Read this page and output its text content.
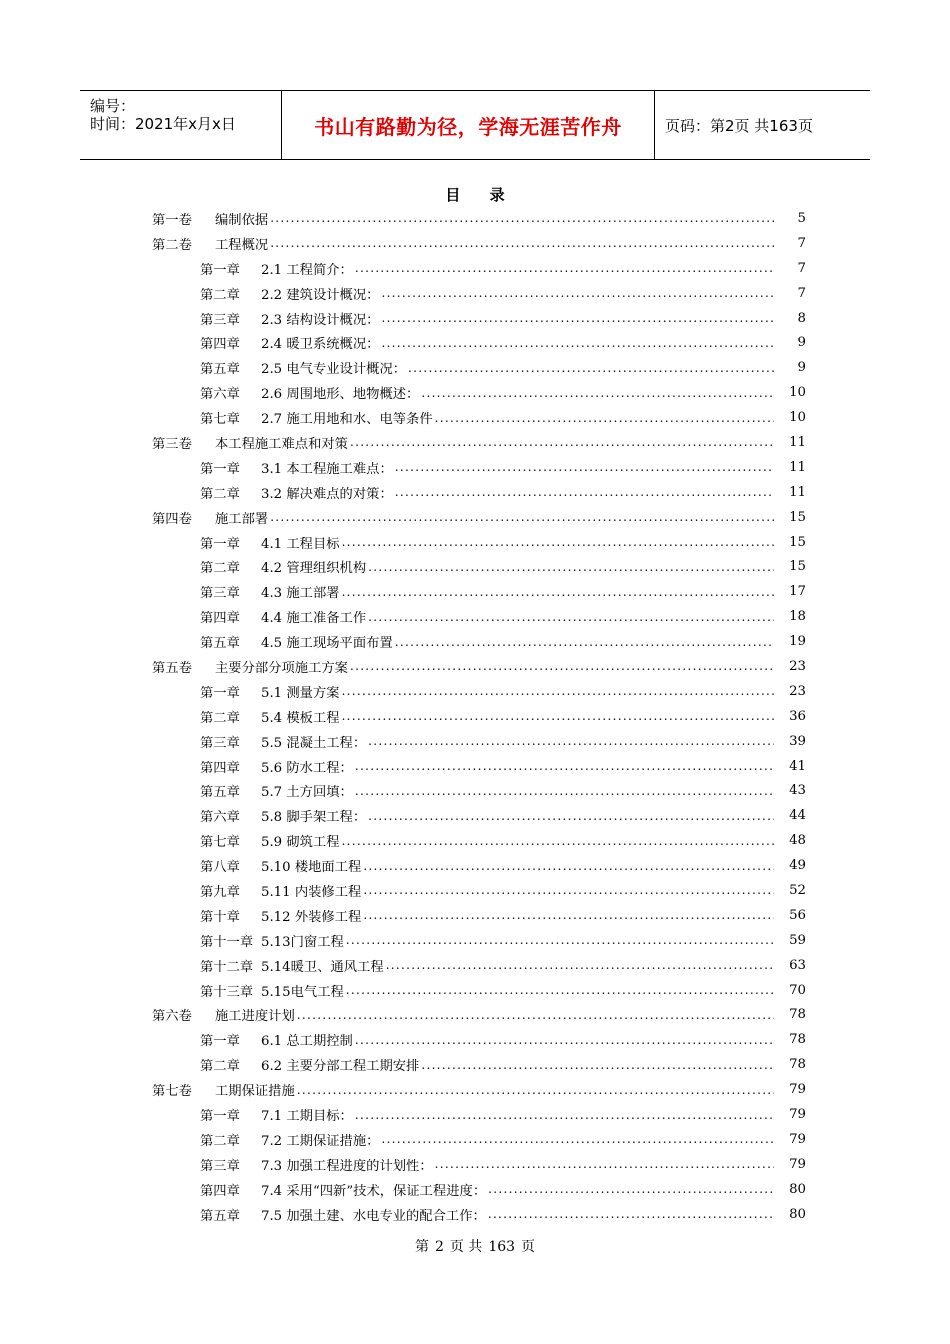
编号：
时间：2021年x月x日	书山有路勤为径，学海无涯苦作舟	页码：第2页 共163页
目 录
第一卷 编制依据 .....	5
第二卷 工程概况 .....	7
第一章 2.1 工程简介： .....	7
第二章 2.2 建筑设计概况： .....	7
第三章 2.3 结构设计概况： .....	8
第四章 2.4 暖卫系统概况： .....	9
第五章 2.5 电气专业设计概况： .....	9
第六章 2.6 周围地形、地物概述： .....	10
第七章 2.7 施工用地和水、电等条件 .....	10
第三卷 本工程施工难点和对策 .....	11
第一章 3.1 本工程施工难点： .....	11
第二章 3.2 解决难点的对策： .....	11
第四卷 施工部署 .....	15
第一章 4.1 工程目标 .....	15
第二章 4.2 管理组织机构 .....	15
第三章 4.3 施工部署 .....	17
第四章 4.4 施工准备工作 .....	18
第五章 4.5 施工现场平面布置 .....	19
第五卷 主要分部分项施工方案 .....	23
第一章 5.1 测量方案 .....	23
第二章 5.4 模板工程 .....	36
第三章 5.5 混凝土工程： .....	39
第四章 5.6 防水工程： .....	41
第五章 5.7 土方回填： .....	43
第六章 5.8 脚手架工程： .....	44
第七章 5.9 砌筑工程 .....	48
第八章 5.10 楼地面工程 .....	49
第九章 5.11 内装修工程 .....	52
第十章 5.12 外装修工程 .....	56
第十一章 5.13门窗工程 .....	59
第十二章 5.14暖卫、通风工程 .....	63
第十三章 5.15电气工程 .....	70
第六卷 施工进度计划 .....	78
第一章 6.1 总工期控制 .....	78
第二章 6.2 主要分部工程工期安排 .....	78
第七卷 工期保证措施 .....	79
第一章 7.1 工期目标： .....	79
第二章 7.2 工期保证措施： .....	79
第三章 7.3 加强工程进度的计划性： .....	79
第四章 7.4 采用“四新”技术，保证工程进度： .....	80
第五章 7.5 加强土建、水电专业的配合工作： .....	80
第 2 页 共 163 页
